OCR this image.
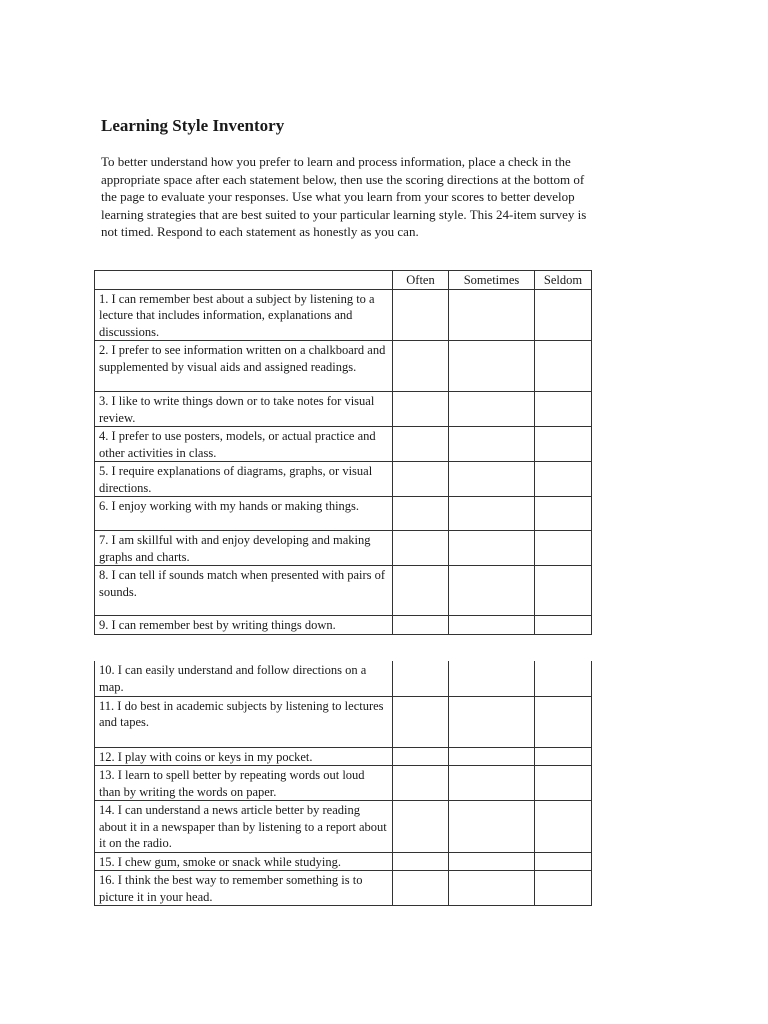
Learning Style Inventory

To better understand how you prefer to learn and process information, place a check in the appropriate space after each statement below, then use the scoring directions at the bottom of the page to evaluate your responses. Use what you learn from your scores to better develop learning strategies that are best suited to your particular learning style. This 24-item survey is not timed. Respond to each statement as honestly as you can.

	Often	Sometimes	Seldom
1. I can remember best about a subject by listening to a lecture that includes information, explanations and discussions.			
2. I prefer to see information written on a chalkboard and supplemented by visual aids and assigned readings.			
3. I like to write things down or to take notes for visual review.			
4. I prefer to use posters, models, or actual practice and other activities in class.			
5. I require explanations of diagrams, graphs, or visual directions.			
6. I enjoy working with my hands or making things.			
7. I am skillful with and enjoy developing and making graphs and charts.			
8. I can tell if sounds match when presented with pairs of sounds.			
9. I can remember best by writing things down.			
10. I can easily understand and follow directions on a map.			
11. I do best in academic subjects by listening to lectures and tapes.			
12. I play with coins or keys in my pocket.			
13. I learn to spell better by repeating words out loud than by writing the words on paper.			
14. I can understand a news article better by reading about it in a newspaper than by listening to a report about it on the radio.			
15. I chew gum, smoke or snack while studying.			
16. I think the best way to remember something is to picture it in your head.			
